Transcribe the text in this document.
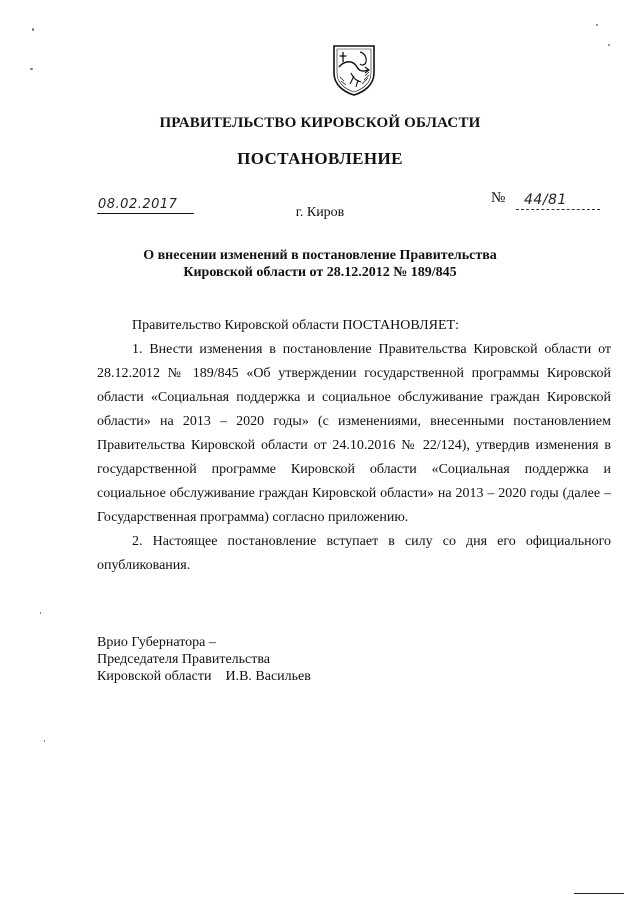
ПРАВИТЕЛЬСТВО КИРОВСКОЙ ОБЛАСТИ
ПОСТАНОВЛЕНИЕ
08.02.2017	№ 44/81
г. Киров
О внесении изменений в постановление Правительства
Кировской области от 28.12.2012 № 189/845

Правительство Кировской области ПОСТАНОВЛЯЕТ:

1. Внести изменения в постановление Правительства Кировской области от 28.12.2012 № 189/845 «Об утверждении государственной программы Кировской области «Социальная поддержка и социальное обслуживание граждан Кировской области» на 2013 – 2020 годы» (с изменениями, внесенными постановлением Правительства Кировской области от 24.10.2016 № 22/124), утвердив изменения в государственной программе Кировской области «Социальная поддержка и социальное обслуживание граждан Кировской области» на 2013 – 2020 годы (далее – Государственная программа) согласно приложению.

2. Настоящее постановление вступает в силу со дня его официального опубликования.

Врио Губернатора –
Председателя Правительства
Кировской области И.В. Васильев
